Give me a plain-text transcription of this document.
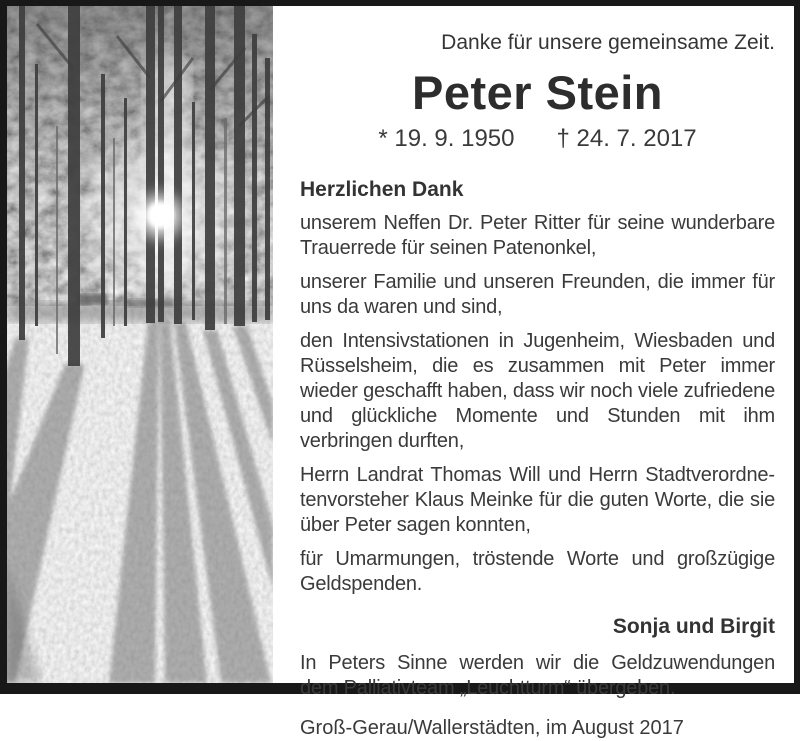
Danke für unsere gemeinsame Zeit.

Peter Stein
* 19. 9. 1950 † 24. 7. 2017

Herzlichen Dank

unserem Neffen Dr. Peter Ritter für seine wunderbare Trauerrede für seinen Patenonkel,

unserer Familie und unseren Freunden, die immer für uns da waren und sind,

den Intensivstationen in Jugenheim, Wiesbaden und Rüsselsheim, die es zusammen mit Peter immer wieder geschafft haben, dass wir noch viele zufriedene und glückliche Momente und Stunden mit ihm verbringen durften,

Herrn Landrat Thomas Will und Herrn Stadtverordnetenvorsteher Klaus Meinke für die guten Worte, die sie über Peter sagen konnten,

für Umarmungen, tröstende Worte und großzügige Geldspenden.

Sonja und Birgit

In Peters Sinne werden wir die Geldzuwendungen dem Palliativteam „Leuchtturm“ übergeben.

Groß-Gerau/Wallerstädten, im August 2017
